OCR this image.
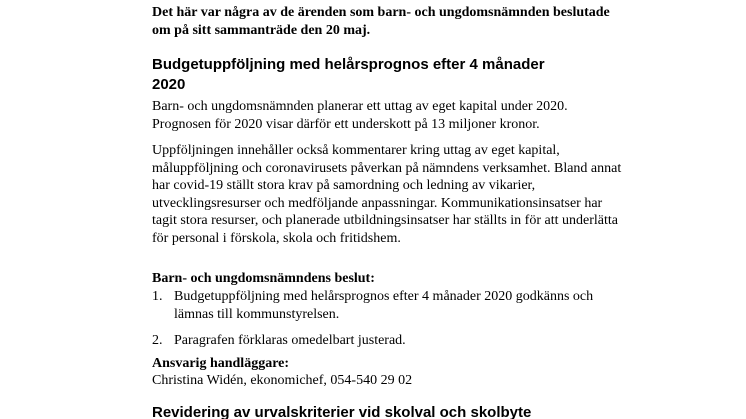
Det här var några av de ärenden som barn- och ungdomsnämnden beslutade om på sitt sammanträde den 20 maj.

Budgetuppföljning med helårsprognos efter 4 månader
2020

Barn- och ungdomsnämnden planerar ett uttag av eget kapital under 2020. Prognosen för 2020 visar därför ett underskott på 13 miljoner kronor.

Uppföljningen innehåller också kommentarer kring uttag av eget kapital, måluppföljning och coronavirusets påverkan på nämndens verksamhet. Bland annat har covid-19 ställt stora krav på samordning och ledning av vikarier, utvecklingsresurser och medföljande anpassningar. Kommunikationsinsatser har tagit stora resurser, och planerade utbildningsinsatser har ställts in för att underlätta för personal i förskola, skola och fritidshem.

Barn- och ungdomsnämndens beslut:

1. Budgetuppföljning med helårsprognos efter 4 månader 2020 godkänns och lämnas till kommunstyrelsen.
2. Paragrafen förklaras omedelbart justerad.

Ansvarig handläggare:

Christina Widén, ekonomichef, 054-540 29 02

Revidering av urvalskriterier vid skolval och skolbyte
